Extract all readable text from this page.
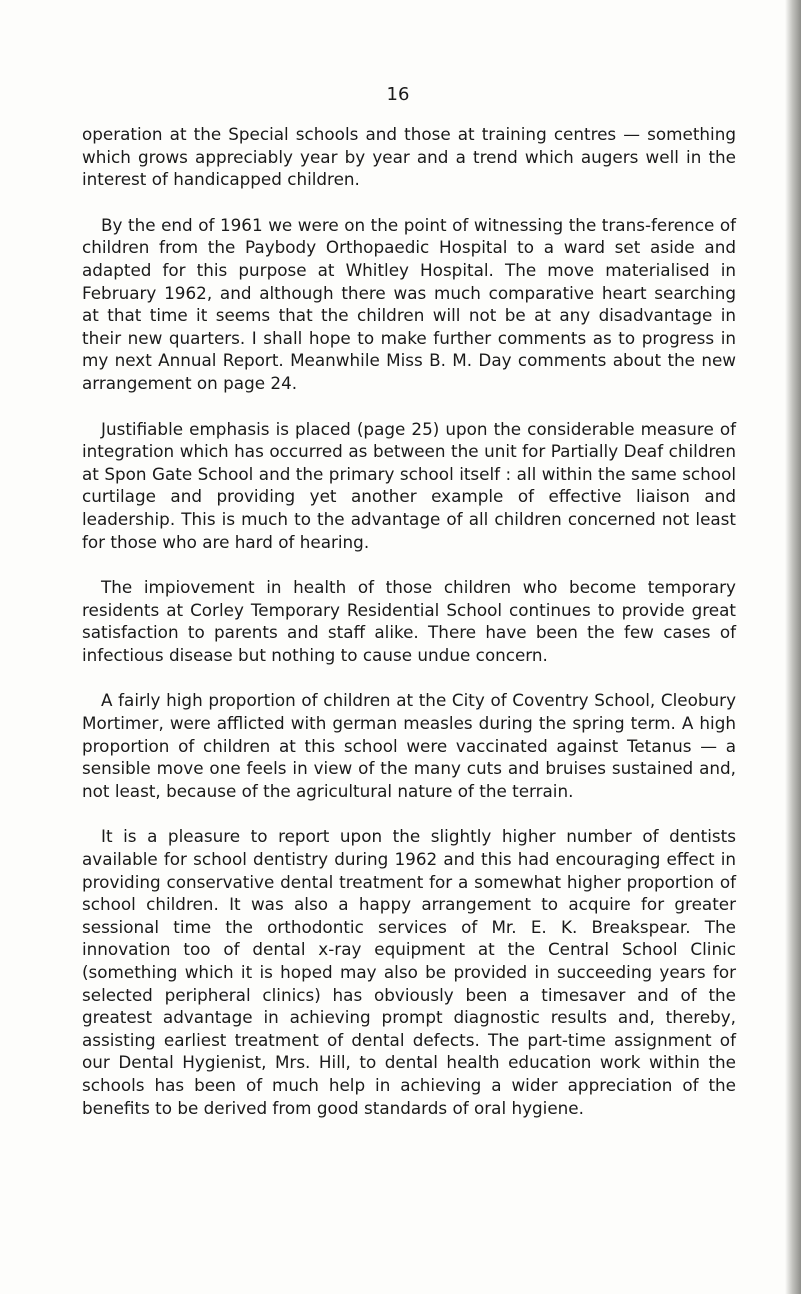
16

operation at the Special schools and those at training centres — something which grows appreciably year by year and a trend which augers well in the interest of handicapped children.

By the end of 1961 we were on the point of witnessing the trans-ference of children from the Paybody Orthopaedic Hospital to a ward set aside and adapted for this purpose at Whitley Hospital. The move materialised in February 1962, and although there was much comparative heart searching at that time it seems that the children will not be at any disadvantage in their new quarters. I shall hope to make further comments as to progress in my next Annual Report. Meanwhile Miss B. M. Day comments about the new arrangement on page 24.

Justifiable emphasis is placed (page 25) upon the considerable measure of integration which has occurred as between the unit for Partially Deaf children at Spon Gate School and the primary school itself : all within the same school curtilage and providing yet another example of effective liaison and leadership. This is much to the advantage of all children concerned not least for those who are hard of hearing.

The impiovement in health of those children who become temporary residents at Corley Temporary Residential School continues to provide great satisfaction to parents and staff alike. There have been the few cases of infectious disease but nothing to cause undue concern.

A fairly high proportion of children at the City of Coventry School, Cleobury Mortimer, were afflicted with german measles during the spring term. A high proportion of children at this school were vaccinated against Tetanus — a sensible move one feels in view of the many cuts and bruises sustained and, not least, because of the agricultural nature of the terrain.

It is a pleasure to report upon the slightly higher number of dentists available for school dentistry during 1962 and this had encouraging effect in providing conservative dental treatment for a somewhat higher proportion of school children. It was also a happy arrangement to acquire for greater sessional time the orthodontic services of Mr. E. K. Breakspear. The innovation too of dental x-ray equipment at the Central School Clinic (something which it is hoped may also be provided in succeeding years for selected peripheral clinics) has obviously been a timesaver and of the greatest advantage in achieving prompt diagnostic results and, thereby, assisting earliest treatment of dental defects. The part-time assignment of our Dental Hygienist, Mrs. Hill, to dental health education work within the schools has been of much help in achieving a wider appreciation of the benefits to be derived from good standards of oral hygiene.
